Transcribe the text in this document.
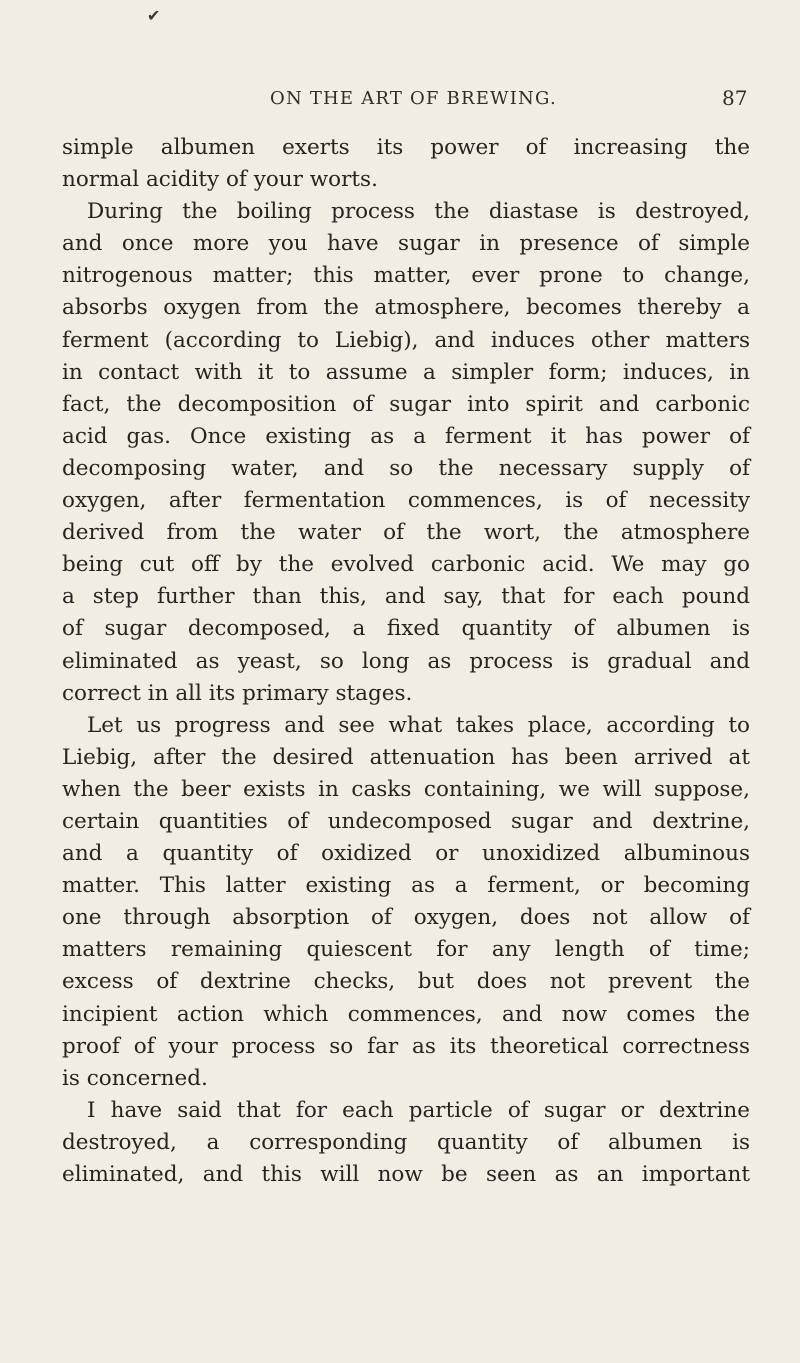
✔
ON THE ART OF BREWING.	87
simple albumen exerts its power of increasing the
normal acidity of your worts.
During the boiling process the diastase is destroyed,
and once more you have sugar in presence of simple
nitrogenous matter; this matter, ever prone to change,
absorbs oxygen from the atmosphere, becomes thereby a
ferment (according to Liebig), and induces other matters
in contact with it to assume a simpler form; induces, in
fact, the decomposition of sugar into spirit and carbonic
acid gas. Once existing as a ferment it has power of
decomposing water, and so the necessary supply of
oxygen, after fermentation commences, is of necessity
derived from the water of the wort, the atmosphere
being cut off by the evolved carbonic acid. We may go
a step further than this, and say, that for each pound
of sugar decomposed, a fixed quantity of albumen is
eliminated as yeast, so long as process is gradual and
correct in all its primary stages.
Let us progress and see what takes place, according to
Liebig, after the desired attenuation has been arrived at
when the beer exists in casks containing, we will suppose,
certain quantities of undecomposed sugar and dextrine,
and a quantity of oxidized or unoxidized albuminous
matter. This latter existing as a ferment, or becoming
one through absorption of oxygen, does not allow of
matters remaining quiescent for any length of time;
excess of dextrine checks, but does not prevent the
incipient action which commences, and now comes the
proof of your process so far as its theoretical correctness
is concerned.
I have said that for each particle of sugar or dextrine
destroyed, a corresponding quantity of albumen is
eliminated, and this will now be seen as an important
